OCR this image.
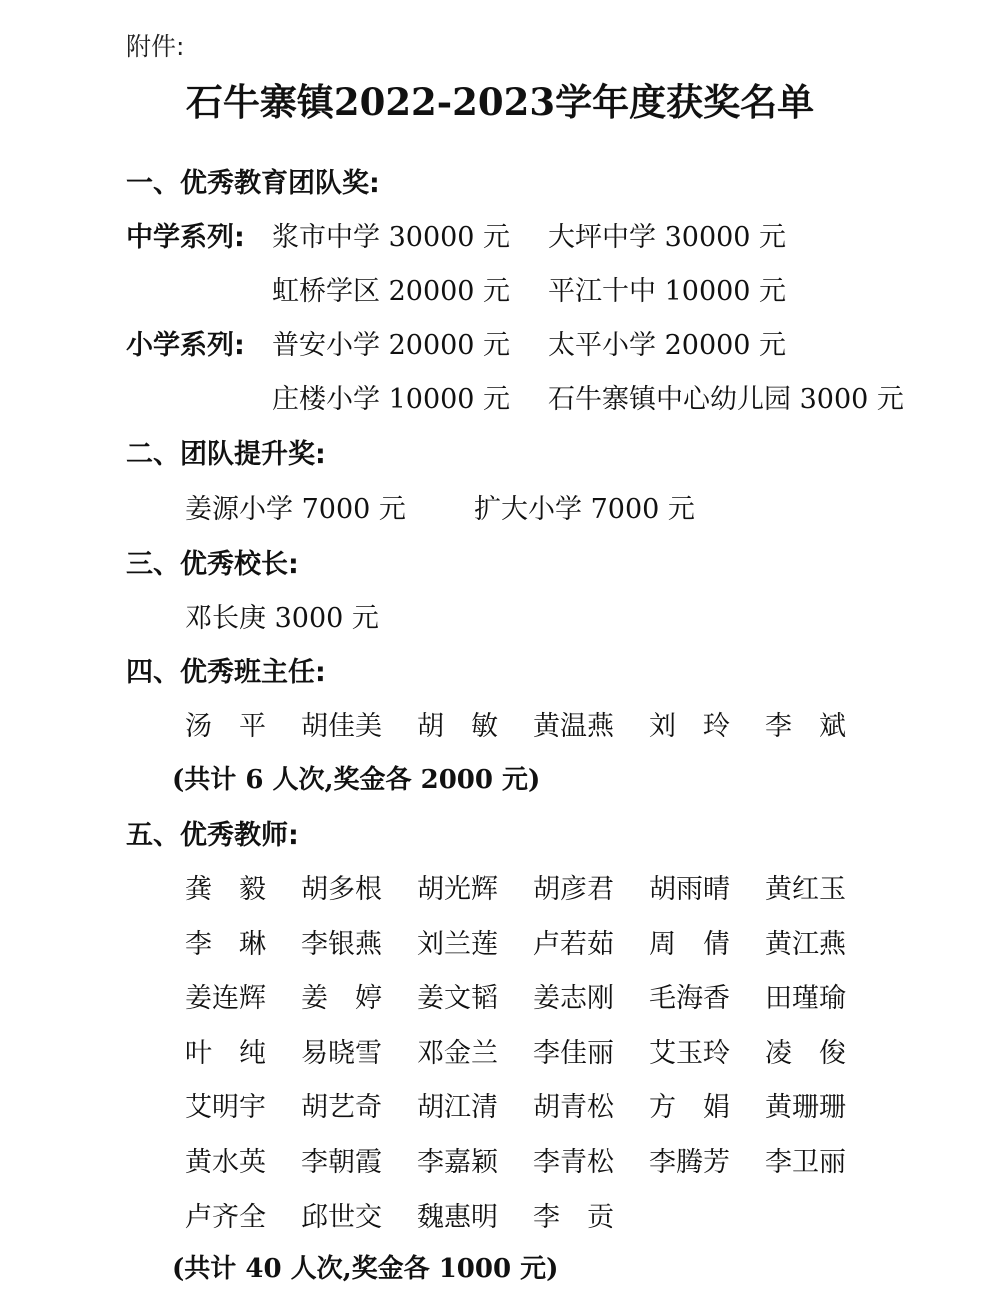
附件:
石牛寨镇2022-2023学年度获奖名单
一、优秀教育团队奖:
中学系列: 浆市中学 30000 元 大坪中学 30000 元
虹桥学区 20000 元 平江十中 10000 元
小学系列: 普安小学 20000 元 太平小学 20000 元
庄楼小学 10000 元 石牛寨镇中心幼儿园 3000 元
二、团队提升奖:
姜源小学 7000 元	扩大小学 7000 元
三、优秀校长:
邓长庚 3000 元
四、优秀班主任:
汤　平	胡佳美	胡　敏	黄温燕	刘　玲	李　斌
(共计 6 人次,奖金各 2000 元)
五、优秀教师:
龚　毅	胡多根	胡光辉	胡彦君	胡雨晴	黄红玉
李　琳	李银燕	刘兰莲	卢若茹	周　倩	黄江燕
姜连辉	姜　婷	姜文韬	姜志刚	毛海香	田瑾瑜
叶　纯	易晓雪	邓金兰	李佳丽	艾玉玲	凌　俊
艾明宇	胡艺奇	胡江清	胡青松	方　娟	黄珊珊
黄水英	李朝霞	李嘉颖	李青松	李腾芳	李卫丽
卢齐全	邱世交	魏惠明	李　贡
(共计 40 人次,奖金各 1000 元)
